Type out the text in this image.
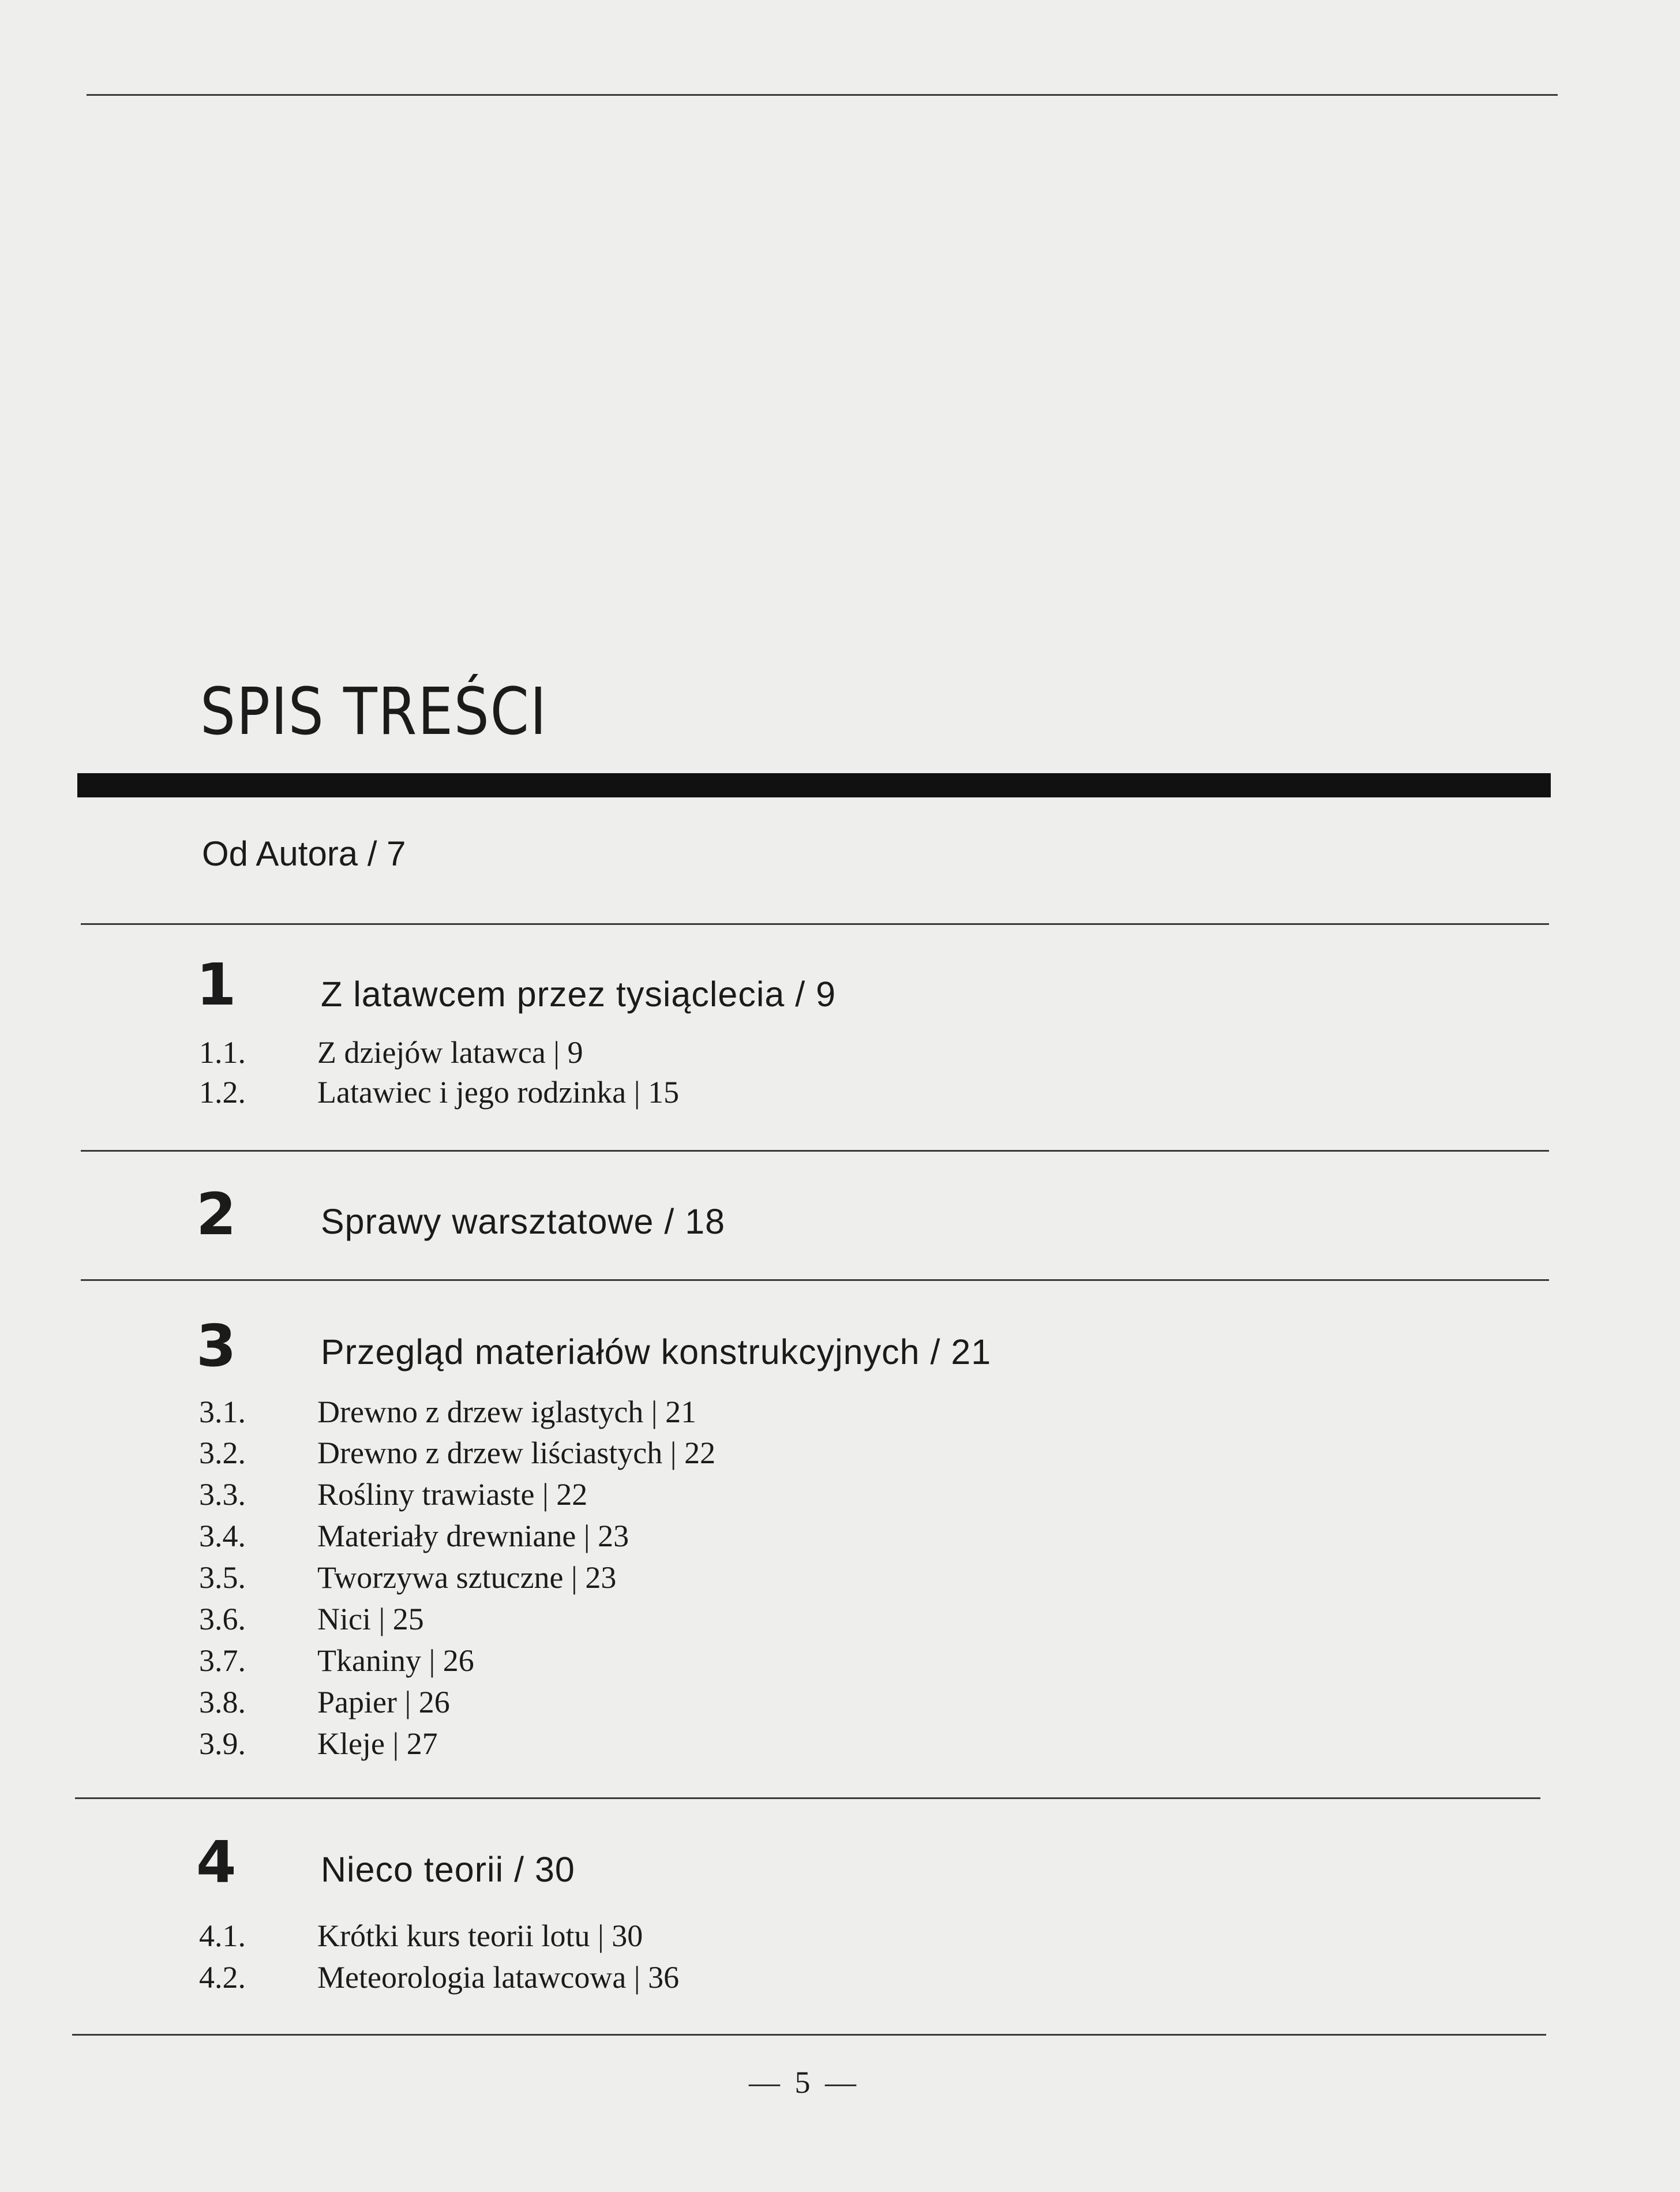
SPIS TREŚCI
Od Autora / 7
1 Z latawcem przez tysiąclecia / 9
1.1. Z dziejów latawca | 9
1.2. Latawiec i jego rodzinka | 15
2 Sprawy warsztatowe / 18
3 Przegląd materiałów konstrukcyjnych / 21
3.1. Drewno z drzew iglastych | 21
3.2. Drewno z drzew liściastych | 22
3.3. Rośliny trawiaste | 22
3.4. Materiały drewniane | 23
3.5. Tworzywa sztuczne | 23
3.6. Nici | 25
3.7. Tkaniny | 26
3.8. Papier | 26
3.9. Kleje | 27
4 Nieco teorii / 30
4.1. Krótki kurs teorii lotu | 30
4.2. Meteorologia latawcowa | 36
— 5 —
